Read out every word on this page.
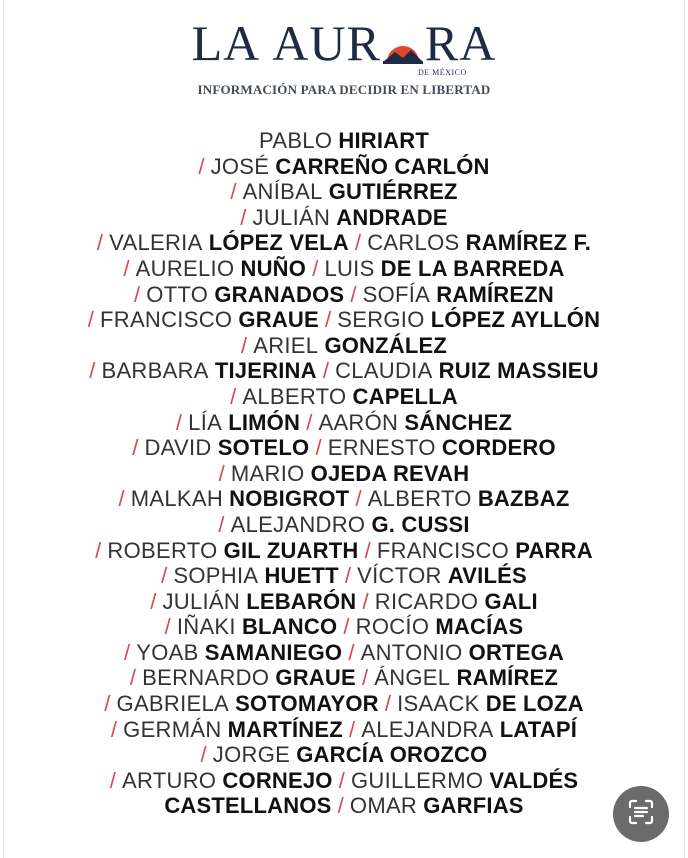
LA AUR RA
DE MÉXICO
INFORMACIÓN PARA DECIDIR EN LIBERTAD
PABLO HIRIART
/ JOSÉ CARREÑO CARLÓN
/ ANÍBAL GUTIÉRREZ
/ JULIÁN ANDRADE
/ VALERIA LÓPEZ VELA / CARLOS RAMÍREZ F.
/ AURELIO NUÑO / LUIS DE LA BARREDA
/ OTTO GRANADOS / SOFÍA RAMÍREZN
/ FRANCISCO GRAUE / SERGIO LÓPEZ AYLLÓN
/ ARIEL GONZÁLEZ
/ BARBARA TIJERINA / CLAUDIA RUIZ MASSIEU
/ ALBERTO CAPELLA
/ LÍA LIMÓN / AARÓN SÁNCHEZ
/ DAVID SOTELO / ERNESTO CORDERO
/ MARIO OJEDA REVAH
/ MALKAH NOBIGROT / ALBERTO BAZBAZ
/ ALEJANDRO G. CUSSI
/ ROBERTO GIL ZUARTH / FRANCISCO PARRA
/ SOPHIA HUETT / VÍCTOR AVILÉS
/ JULIÁN LEBARÓN / RICARDO GALI
/ IÑAKI BLANCO / ROCÍO MACÍAS
/ YOAB SAMANIEGO / ANTONIO ORTEGA
/ BERNARDO GRAUE / ÁNGEL RAMÍREZ
/ GABRIELA SOTOMAYOR / ISAACK DE LOZA
/ GERMÁN MARTÍNEZ / ALEJANDRA LATAPÍ
/ JORGE GARCÍA OROZCO
/ ARTURO CORNEJO / GUILLERMO VALDÉS
CASTELLANOS / OMAR GARFIAS
